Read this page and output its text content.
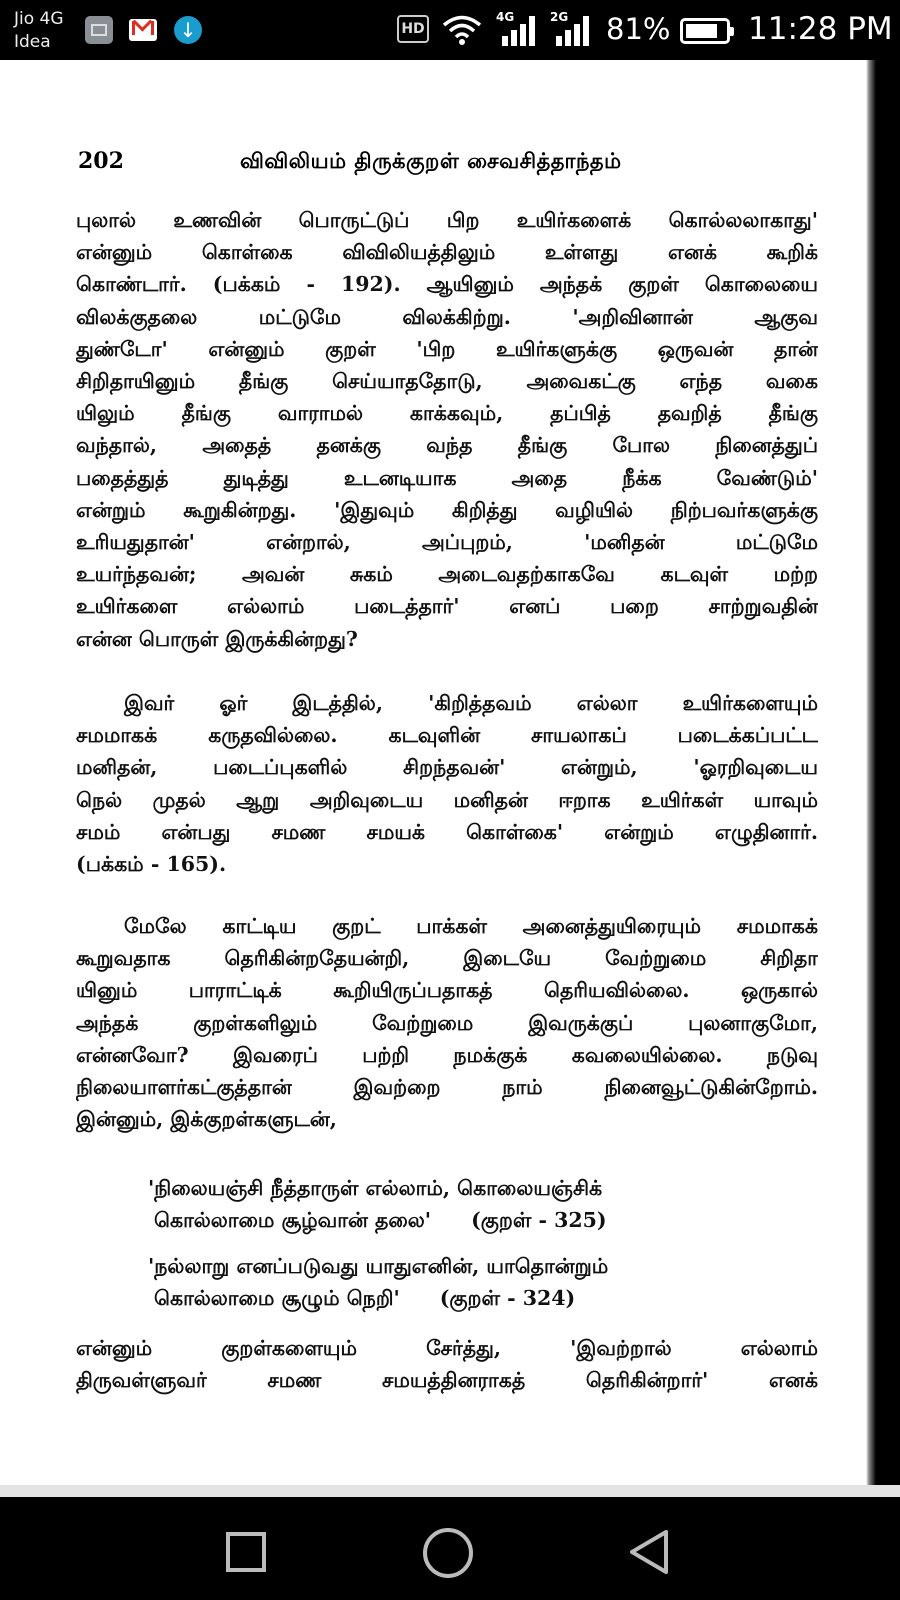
Jio 4G
Idea
↓
HD
4G	2G 81%	11:28 PM
202	விவிலியம் திருக்குறள் சைவசித்தாந்தம்
புலால் உணவின் பொருட்டுப் பிற உயிர்களைக் கொல்லலாகாது'
என்னும் கொள்கை விவிலியத்திலும் உள்ளது எனக் கூறிக்
கொண்டார். (பக்கம் - 192). ஆயினும் அந்தக் குறள் கொலையை
விலக்குதலை மட்டுமே விலக்கிற்று. 'அறிவினான் ஆகுவ
துண்டோ' என்னும் குறள் 'பிற உயிர்களுக்கு ஒருவன் தான்
சிறிதாயினும் தீங்கு செய்யாததோடு, அவைகட்கு எந்த வகை
யிலும் தீங்கு வாராமல் காக்கவும், தப்பித் தவறித் தீங்கு
வந்தால், அதைத் தனக்கு வந்த தீங்கு போல நினைத்துப்
பதைத்துத் துடித்து உடனடியாக அதை நீக்க வேண்டும்'
என்றும் கூறுகின்றது. 'இதுவும் கிறித்து வழியில் நிற்பவர்களுக்கு
உரியதுதான்' என்றால், அப்புறம், 'மனிதன் மட்டுமே
உயர்ந்தவன்; அவன் சுகம் அடைவதற்காகவே கடவுள் மற்ற
உயிர்களை எல்லாம் படைத்தார்' எனப் பறை சாற்றுவதின்
என்ன பொருள் இருக்கின்றது?
இவர் ஓர் இடத்தில், 'கிறித்தவம் எல்லா உயிர்களையும்
சமமாகக் கருதவில்லை. கடவுளின் சாயலாகப் படைக்கப்பட்ட
மனிதன், படைப்புகளில் சிறந்தவன்' என்றும், 'ஓரறிவுடைய
நெல் முதல் ஆறு அறிவுடைய மனிதன் ஈறாக உயிர்கள் யாவும்
சமம் என்பது சமண சமயக் கொள்கை' என்றும் எழுதினார்.
(பக்கம் - 165).
மேலே காட்டிய குறட் பாக்கள் அனைத்துயிரையும் சமமாகக்
கூறுவதாக தெரிகின்றதேயன்றி, இடையே வேற்றுமை சிறிதா
யினும் பாராட்டிக் கூறியிருப்பதாகத் தெரியவில்லை. ஒருகால்
அந்தக் குறள்களிலும் வேற்றுமை இவருக்குப் புலனாகுமோ,
என்னவோ? இவரைப் பற்றி நமக்குக் கவலையில்லை. நடுவு
நிலையாளர்கட்குத்தான் இவற்றை நாம் நினைவூட்டுகின்றோம்.
இன்னும், இக்குறள்களுடன்,
'நிலையஞ்சி நீத்தாருள் எல்லாம், கொலையஞ்சிக்
கொல்லாமை சூழ்வான் தலை' (குறள் - 325)
'நல்லாறு எனப்படுவது யாதுஎனின், யாதொன்றும்
கொல்லாமை சூழும் நெறி' (குறள் - 324)
என்னும் குறள்களையும் சேர்த்து, 'இவற்றால் எல்லாம்
திருவள்ளுவர் சமண சமயத்தினராகத் தெரிகின்றார்' எனக்
